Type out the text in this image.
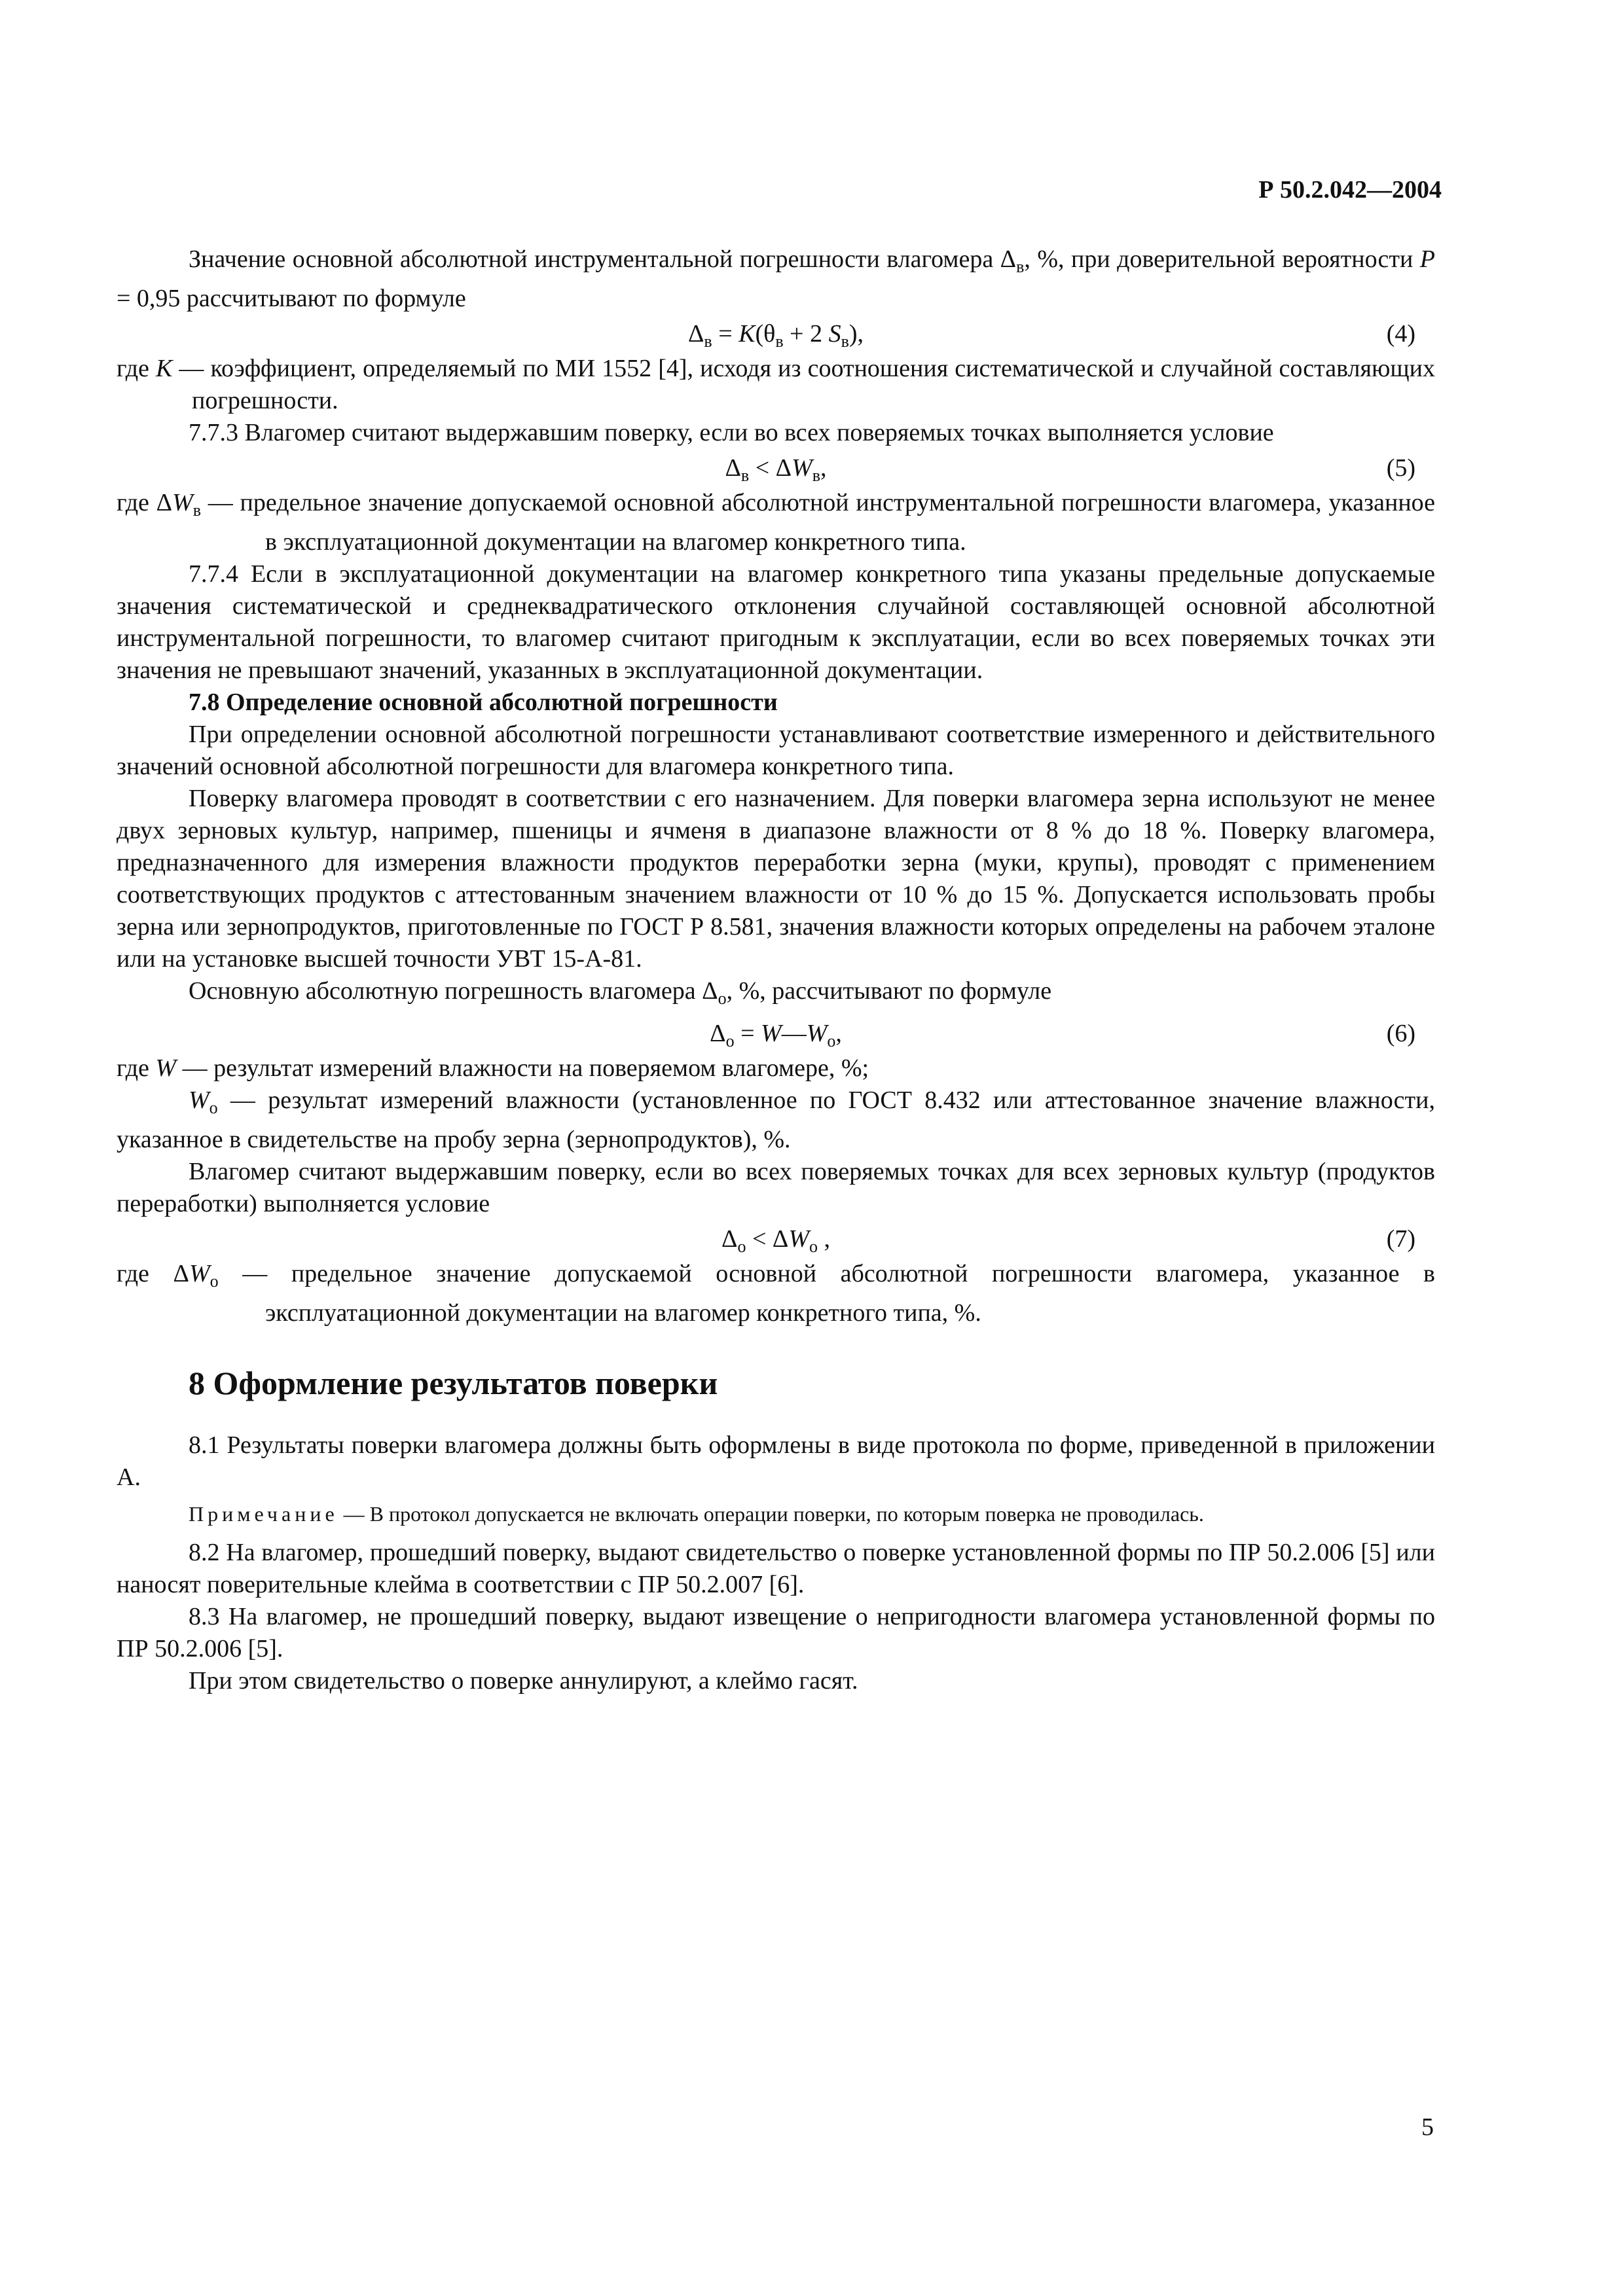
Р 50.2.042—2004

Значение основной абсолютной инструментальной погрешности влагомера $\Delta_в$, %, при доверительной вероятности P = 0,95 рассчитывают по формуле

$\Delta_в = K(\theta_в + 2$ $S_в$),	(4)

где K — коэффициент, определяемый по МИ 1552 [4], исходя из соотношения систематической и случайной составляющих погрешности.

7.7.3 Влагомер считают выдержавшим поверку, если во всех поверяемых точках выполняется условие

$\Delta_в < \Delta W_в$,	(5)

где $\Delta W_в$ — предельное значение допускаемой основной абсолютной инструментальной погрешности влагомера, указанное в эксплуатационной документации на влагомер конкретного типа.

7.7.4 Если в эксплуатационной документации на влагомер конкретного типа указаны предельные допускаемые значения систематической и среднеквадратического отклонения случайной составляющей основной абсолютной инструментальной погрешности, то влагомер считают пригодным к эксплуатации, если во всех поверяемых точках эти значения не превышают значений, указанных в эксплуатационной документации.

7.8 Определение основной абсолютной погрешности

При определении основной абсолютной погрешности устанавливают соответствие измеренного и действительного значений основной абсолютной погрешности для влагомера конкретного типа.

Поверку влагомера проводят в соответствии с его назначением. Для поверки влагомера зерна используют не менее двух зерновых культур, например, пшеницы и ячменя в диапазоне влажности от 8 % до 18 %. Поверку влагомера, предназначенного для измерения влажности продуктов переработки зерна (муки, крупы), проводят с применением соответствующих продуктов с аттестованным значением влажности от 10 % до 15 %. Допускается использовать пробы зерна или зернопродуктов, приготовленные по ГОСТ Р 8.581, значения влажности которых определены на рабочем эталоне или на установке высшей точности УВТ 15-А-81.

Основную абсолютную погрешность влагомера $\Delta_о$, %, рассчитывают по формуле

$\Delta_о$ = $W—W_о$,	(6)

где W — результат измерений влажности на поверяемом влагомере, %;

$W_о$ — результат измерений влажности (установленное по ГОСТ 8.432 или аттестованное значение влажности, указанное в свидетельстве на пробу зерна (зернопродуктов), %.

Влагомер считают выдержавшим поверку, если во всех поверяемых точках для всех зерновых культур (продуктов переработки) выполняется условие

$\Delta_о < \Delta W_о$ ,	(7)

где $\Delta W_о$ — предельное значение допускаемой основной абсолютной погрешности влагомера, указанное в эксплуатационной документации на влагомер конкретного типа, %.

8 Оформление результатов поверки

8.1 Результаты поверки влагомера должны быть оформлены в виде протокола по форме, приведенной в приложении А.

Примечание — В протокол допускается не включать операции поверки, по которым поверка не проводилась.

8.2 На влагомер, прошедший поверку, выдают свидетельство о поверке установленной формы по ПР 50.2.006 [5] или наносят поверительные клейма в соответствии с ПР 50.2.007 [6].

8.3 На влагомер, не прошедший поверку, выдают извещение о непригодности влагомера установленной формы по ПР 50.2.006 [5].

При этом свидетельство о поверке аннулируют, а клеймо гасят.

5
